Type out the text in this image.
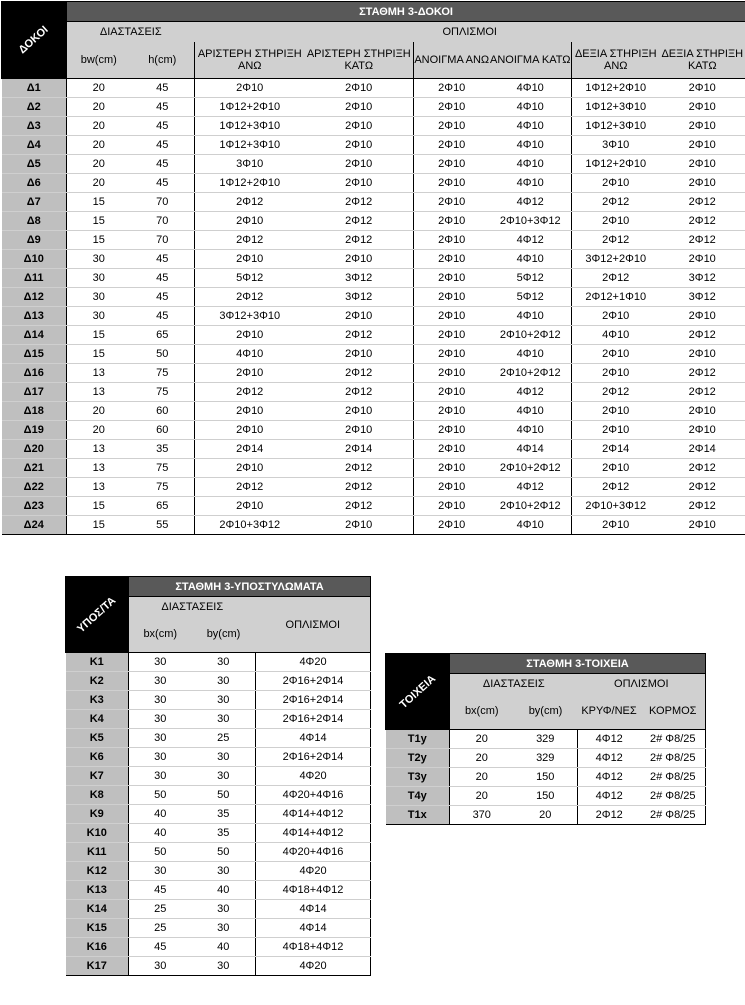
ΔΟΚΟΙ	ΣΤΑΘΜΗ 3-ΔΟΚΟΙ							
	ΔΙΑΣΤΑΣΕΙΣ		ΟΠΛΙΣΜΟΙ					
	bw(cm)	h(cm)	ΑΡΙΣΤΕΡΗ ΣΤΗΡΙΞΗ ΑΝΩ	ΑΡΙΣΤΕΡΗ ΣΤΗΡΙΞΗ ΚΑΤΩ	ΑΝΟΙΓΜΑ ΑΝΩ	ΑΝΟΙΓΜΑ ΚΑΤΩ	ΔΕΞΙΑ ΣΤΗΡΙΞΗ ΑΝΩ	ΔΕΞΙΑ ΣΤΗΡΙΞΗ ΚΑΤΩ

Δ1	20	45	2Φ10	2Φ10	2Φ10	4Φ10	1Φ12+2Φ10	2Φ10
Δ2	20	45	1Φ12+2Φ10	2Φ10	2Φ10	4Φ10	1Φ12+3Φ10	2Φ10
Δ3	20	45	1Φ12+3Φ10	2Φ10	2Φ10	4Φ10	1Φ12+3Φ10	2Φ10
Δ4	20	45	1Φ12+3Φ10	2Φ10	2Φ10	4Φ10	3Φ10	2Φ10
Δ5	20	45	3Φ10	2Φ10	2Φ10	4Φ10	1Φ12+2Φ10	2Φ10
Δ6	20	45	1Φ12+2Φ10	2Φ10	2Φ10	4Φ10	2Φ10	2Φ10
Δ7	15	70	2Φ12	2Φ12	2Φ10	4Φ12	2Φ12	2Φ12
Δ8	15	70	2Φ10	2Φ12	2Φ10	2Φ10+3Φ12	2Φ10	2Φ12
Δ9	15	70	2Φ12	2Φ12	2Φ10	4Φ12	2Φ12	2Φ12
Δ10	30	45	2Φ10	2Φ10	2Φ10	4Φ10	3Φ12+2Φ10	2Φ10
Δ11	30	45	5Φ12	3Φ12	2Φ10	5Φ12	2Φ12	3Φ12
Δ12	30	45	2Φ12	3Φ12	2Φ10	5Φ12	2Φ12+1Φ10	3Φ12
Δ13	30	45	3Φ12+3Φ10	2Φ10	2Φ10	4Φ10	2Φ10	2Φ10
Δ14	15	65	2Φ10	2Φ12	2Φ10	2Φ10+2Φ12	4Φ10	2Φ12
Δ15	15	50	4Φ10	2Φ10	2Φ10	4Φ10	2Φ10	2Φ10
Δ16	13	75	2Φ10	2Φ12	2Φ10	2Φ10+2Φ12	2Φ10	2Φ12
Δ17	13	75	2Φ12	2Φ12	2Φ10	4Φ12	2Φ12	2Φ12
Δ18	20	60	2Φ10	2Φ10	2Φ10	4Φ10	2Φ10	2Φ10
Δ19	20	60	2Φ10	2Φ10	2Φ10	4Φ10	2Φ10	2Φ10
Δ20	13	35	2Φ14	2Φ14	2Φ10	4Φ14	2Φ14	2Φ14
Δ21	13	75	2Φ10	2Φ12	2Φ10	2Φ10+2Φ12	2Φ10	2Φ12
Δ22	13	75	2Φ12	2Φ12	2Φ10	4Φ12	2Φ12	2Φ12
Δ23	15	65	2Φ10	2Φ12	2Φ10	2Φ10+2Φ12	2Φ10+3Φ12	2Φ12
Δ24	15	55	2Φ10+3Φ12	2Φ10	2Φ10	4Φ10	2Φ10	2Φ10
ΥΠΟΣ/ΤΑ	ΣΤΑΘΜΗ 3-ΥΠΟΣΤΥΛΩΜΑΤΑ		
	ΔΙΑΣΤΑΣΕΙΣ		ΟΠΛΙΣΜΟΙ
	bx(cm)	by(cm)	
K1	30	30	4Φ20
K2	30	30	2Φ16+2Φ14
K3	30	30	2Φ16+2Φ14
K4	30	30	2Φ16+2Φ14
K5	30	25	4Φ14
K6	30	30	2Φ16+2Φ14
K7	30	30	4Φ20
K8	50	50	4Φ20+4Φ16
K9	40	35	4Φ14+4Φ12
K10	40	35	4Φ14+4Φ12
K11	50	50	4Φ20+4Φ16
K12	30	30	4Φ20
K13	45	40	4Φ18+4Φ12
K14	25	30	4Φ14
K15	25	30	4Φ14
K16	45	40	4Φ18+4Φ12
K17	30	30	4Φ20
ΤΟΙΧΕΙΑ	ΣΤΑΘΜΗ 3-ΤΟΙΧΕΙΑ			
	ΔΙΑΣΤΑΣΕΙΣ		ΟΠΛΙΣΜΟΙ	
	bx(cm)	by(cm)	ΚΡΥΦ/ΝΕΣ	ΚΟΡΜΟΣ
T1y	20	329	4Φ12	2# Φ8/25
T2y	20	329	4Φ12	2# Φ8/25
T3y	20	150	4Φ12	2# Φ8/25
T4y	20	150	4Φ12	2# Φ8/25
T1x	370	20	2Φ12	2# Φ8/25
